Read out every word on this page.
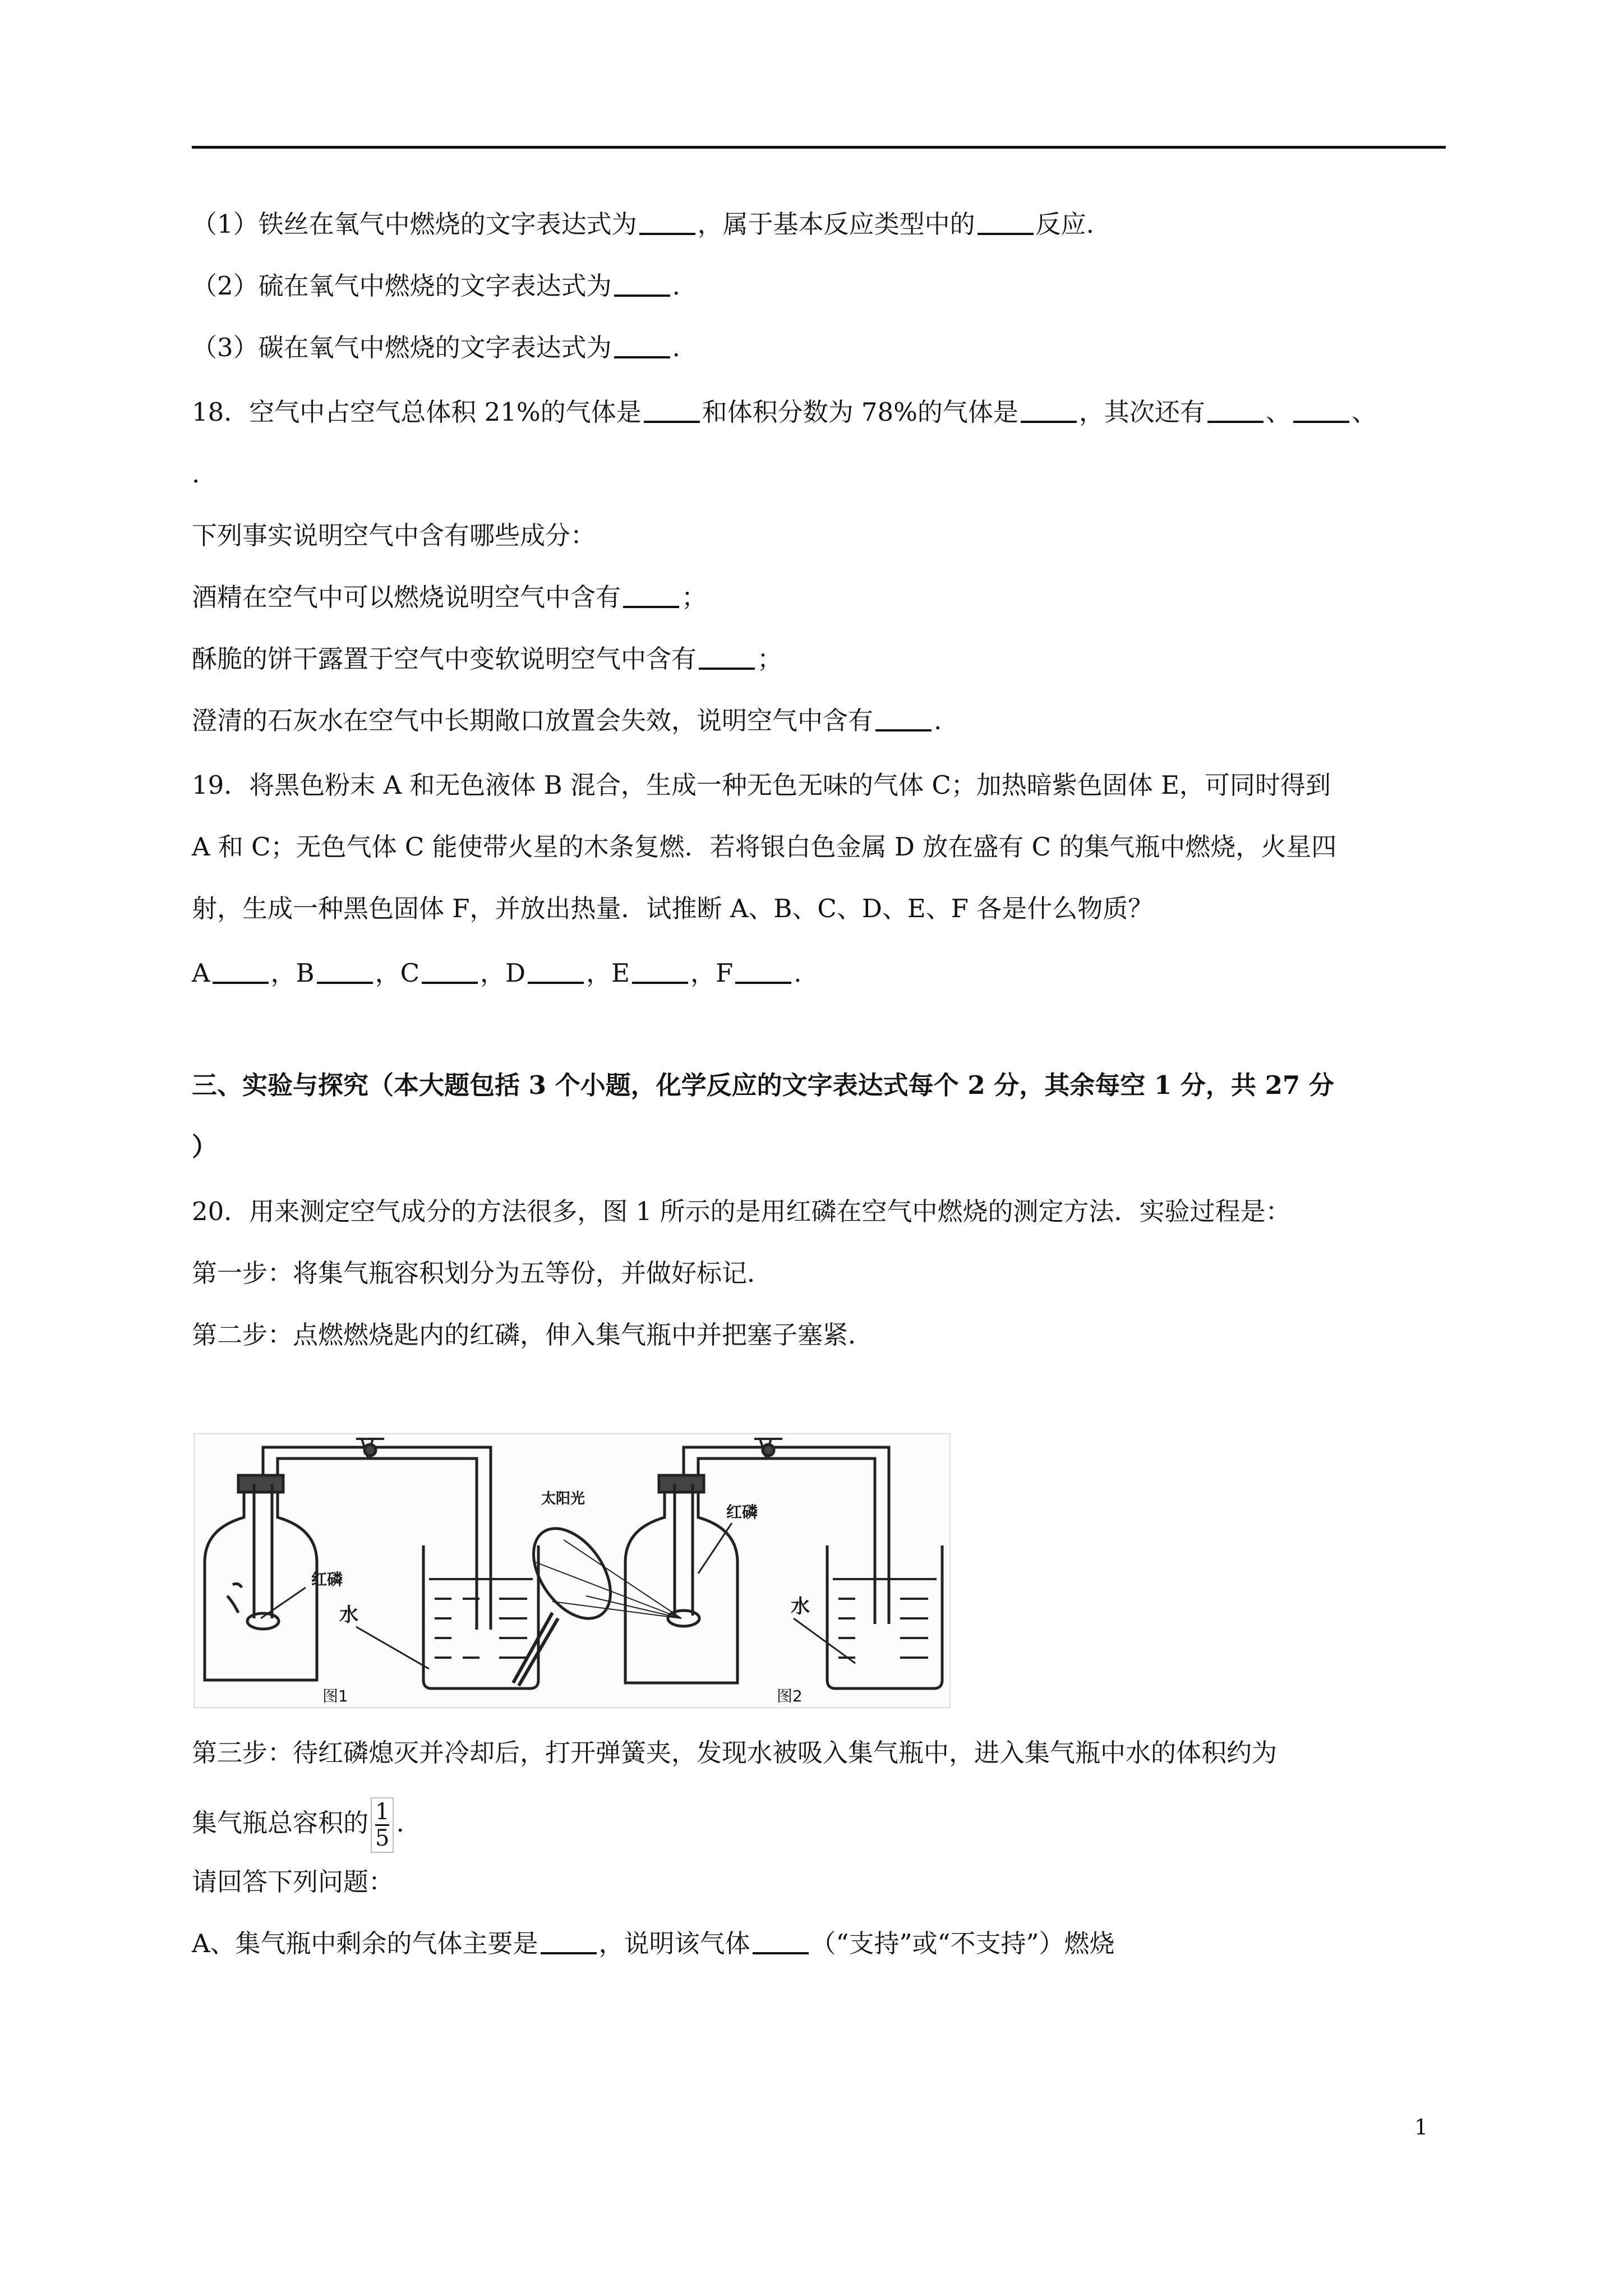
（1）铁丝在氧气中燃烧的文字表达式为 ，属于基本反应类型中的 反应.
（2）硫在氧气中燃烧的文字表达式为 .
（3）碳在氧气中燃烧的文字表达式为 .
18．空气中占空气总体积 21%的气体是 和体积分数为 78%的气体是 ，其次还有 、 、
.
下列事实说明空气中含有哪些成分：
酒精在空气中可以燃烧说明空气中含有 ；
酥脆的饼干露置于空气中变软说明空气中含有 ；
澄清的石灰水在空气中长期敞口放置会失效，说明空气中含有 .
19．将黑色粉末 A 和无色液体 B 混合，生成一种无色无味的气体 C；加热暗紫色固体 E，可同时得到
A 和 C；无色气体 C 能使带火星的木条复燃．若将银白色金属 D 放在盛有 C 的集气瓶中燃烧，火星四
射，生成一种黑色固体 F，并放出热量．试推断 A、B、C、D、E、F 各是什么物质？
A ，B ，C ，D ，E ，F .
三、实验与探究（本大题包括 3 个小题，化学反应的文字表达式每个 2 分，其余每空 1 分，共 27 分
）
20．用来测定空气成分的方法很多，图 1 所示的是用红磷在空气中燃烧的测定方法．实验过程是：
第一步：将集气瓶容积划分为五等份，并做好标记．
第二步：点燃燃烧匙内的红磷，伸入集气瓶中并把塞子塞紧．
红磷
水
图1
太阳光
红磷
水
图2
第三步：待红磷熄灭并冷却后，打开弹簧夹，发现水被吸入集气瓶中，进入集气瓶中水的体积约为
集气瓶总容积的 $\frac{1}{5}$ .
请回答下列问题：
A、集气瓶中剩余的气体主要是 ，说明该气体 （“支持”或“不支持”）燃烧
1
